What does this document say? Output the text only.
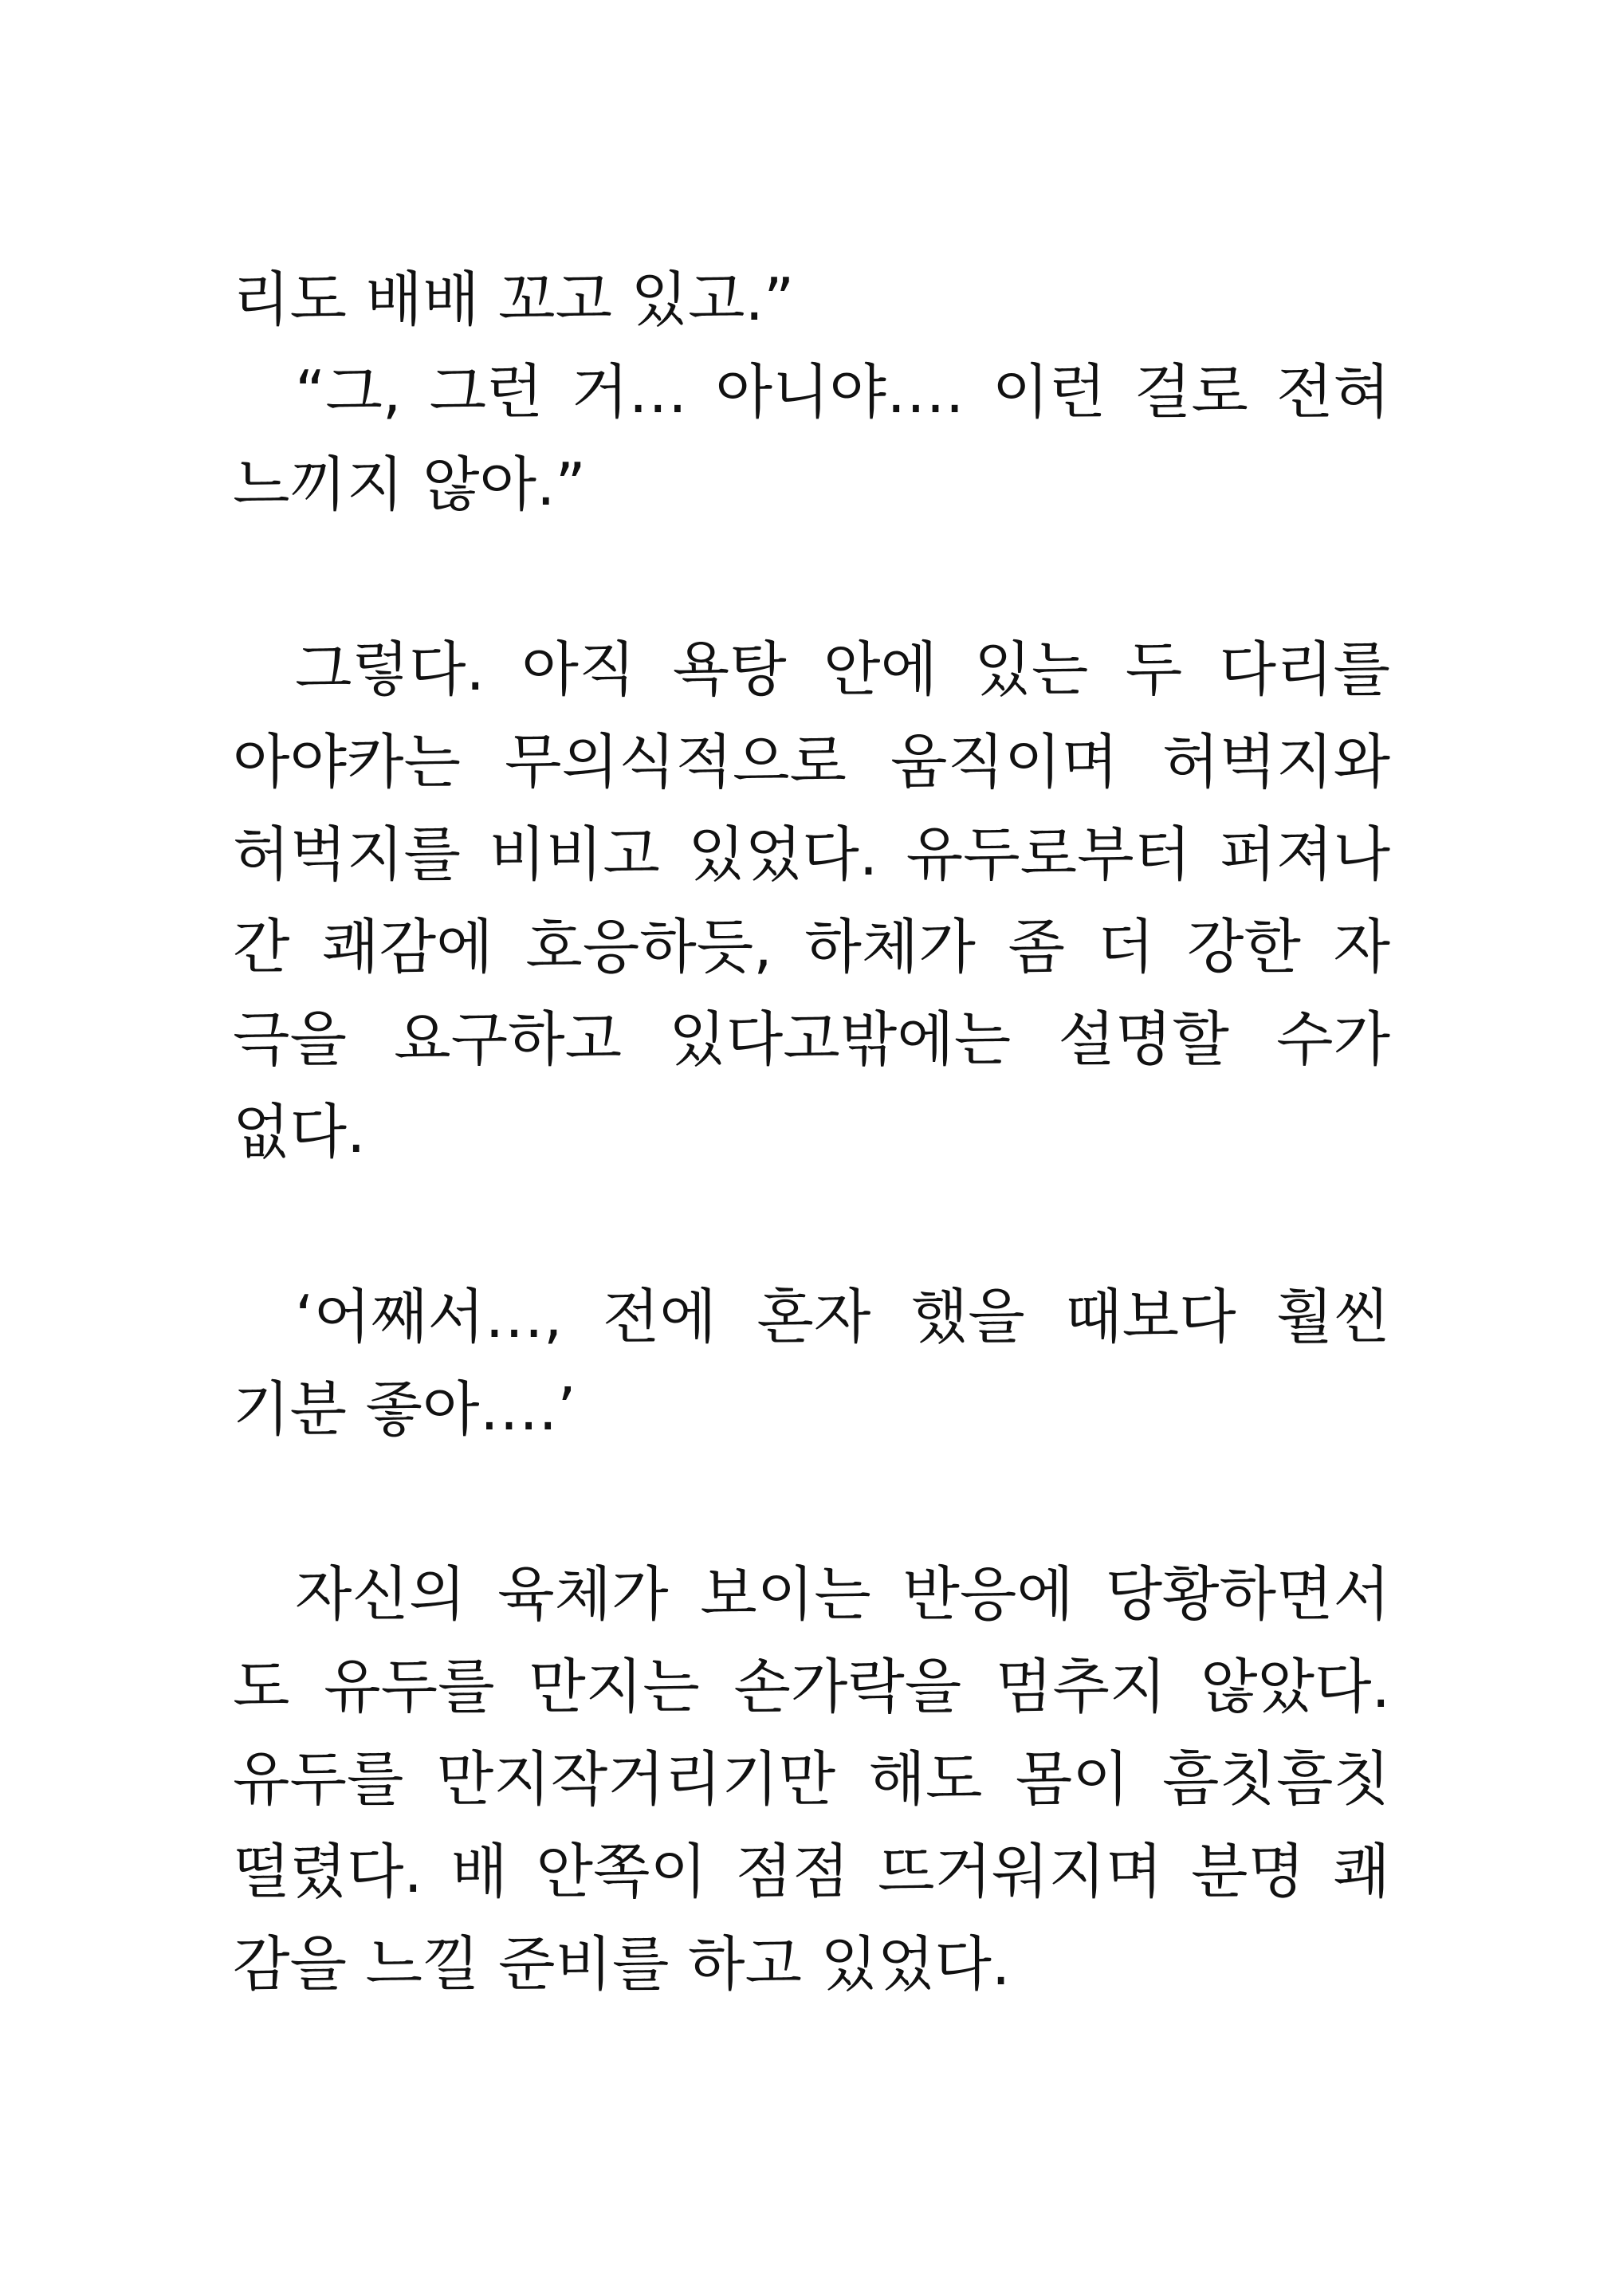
리도 배배 꼬고 있고.”
“그, 그런 거… 아니야…. 이런 걸로 전혀
느끼지 않아.”
그렇다. 아직 욕탕 안에 있는 두 다리를
아야카는 무의식적으로 움직이며 허벅지와
허벅지를 비비고 있었다. 유두로부터 퍼져나
간 쾌감에 호응하듯, 하체가 좀 더 강한 자
극을 요구하고 있다고밖에는 설명할 수가
없다.
‘어째서…, 전에 혼자 했을 때보다 훨씬
기분 좋아….’
자신의 육체가 보이는 반응에 당황하면서
도 유두를 만지는 손가락을 멈추지 않았다.
유두를 만지작거리기만 해도 몸이 흠칫흠칫
떨렸다. 배 안쪽이 점점 뜨거워지며 분명 쾌
감을 느낄 준비를 하고 있었다.
